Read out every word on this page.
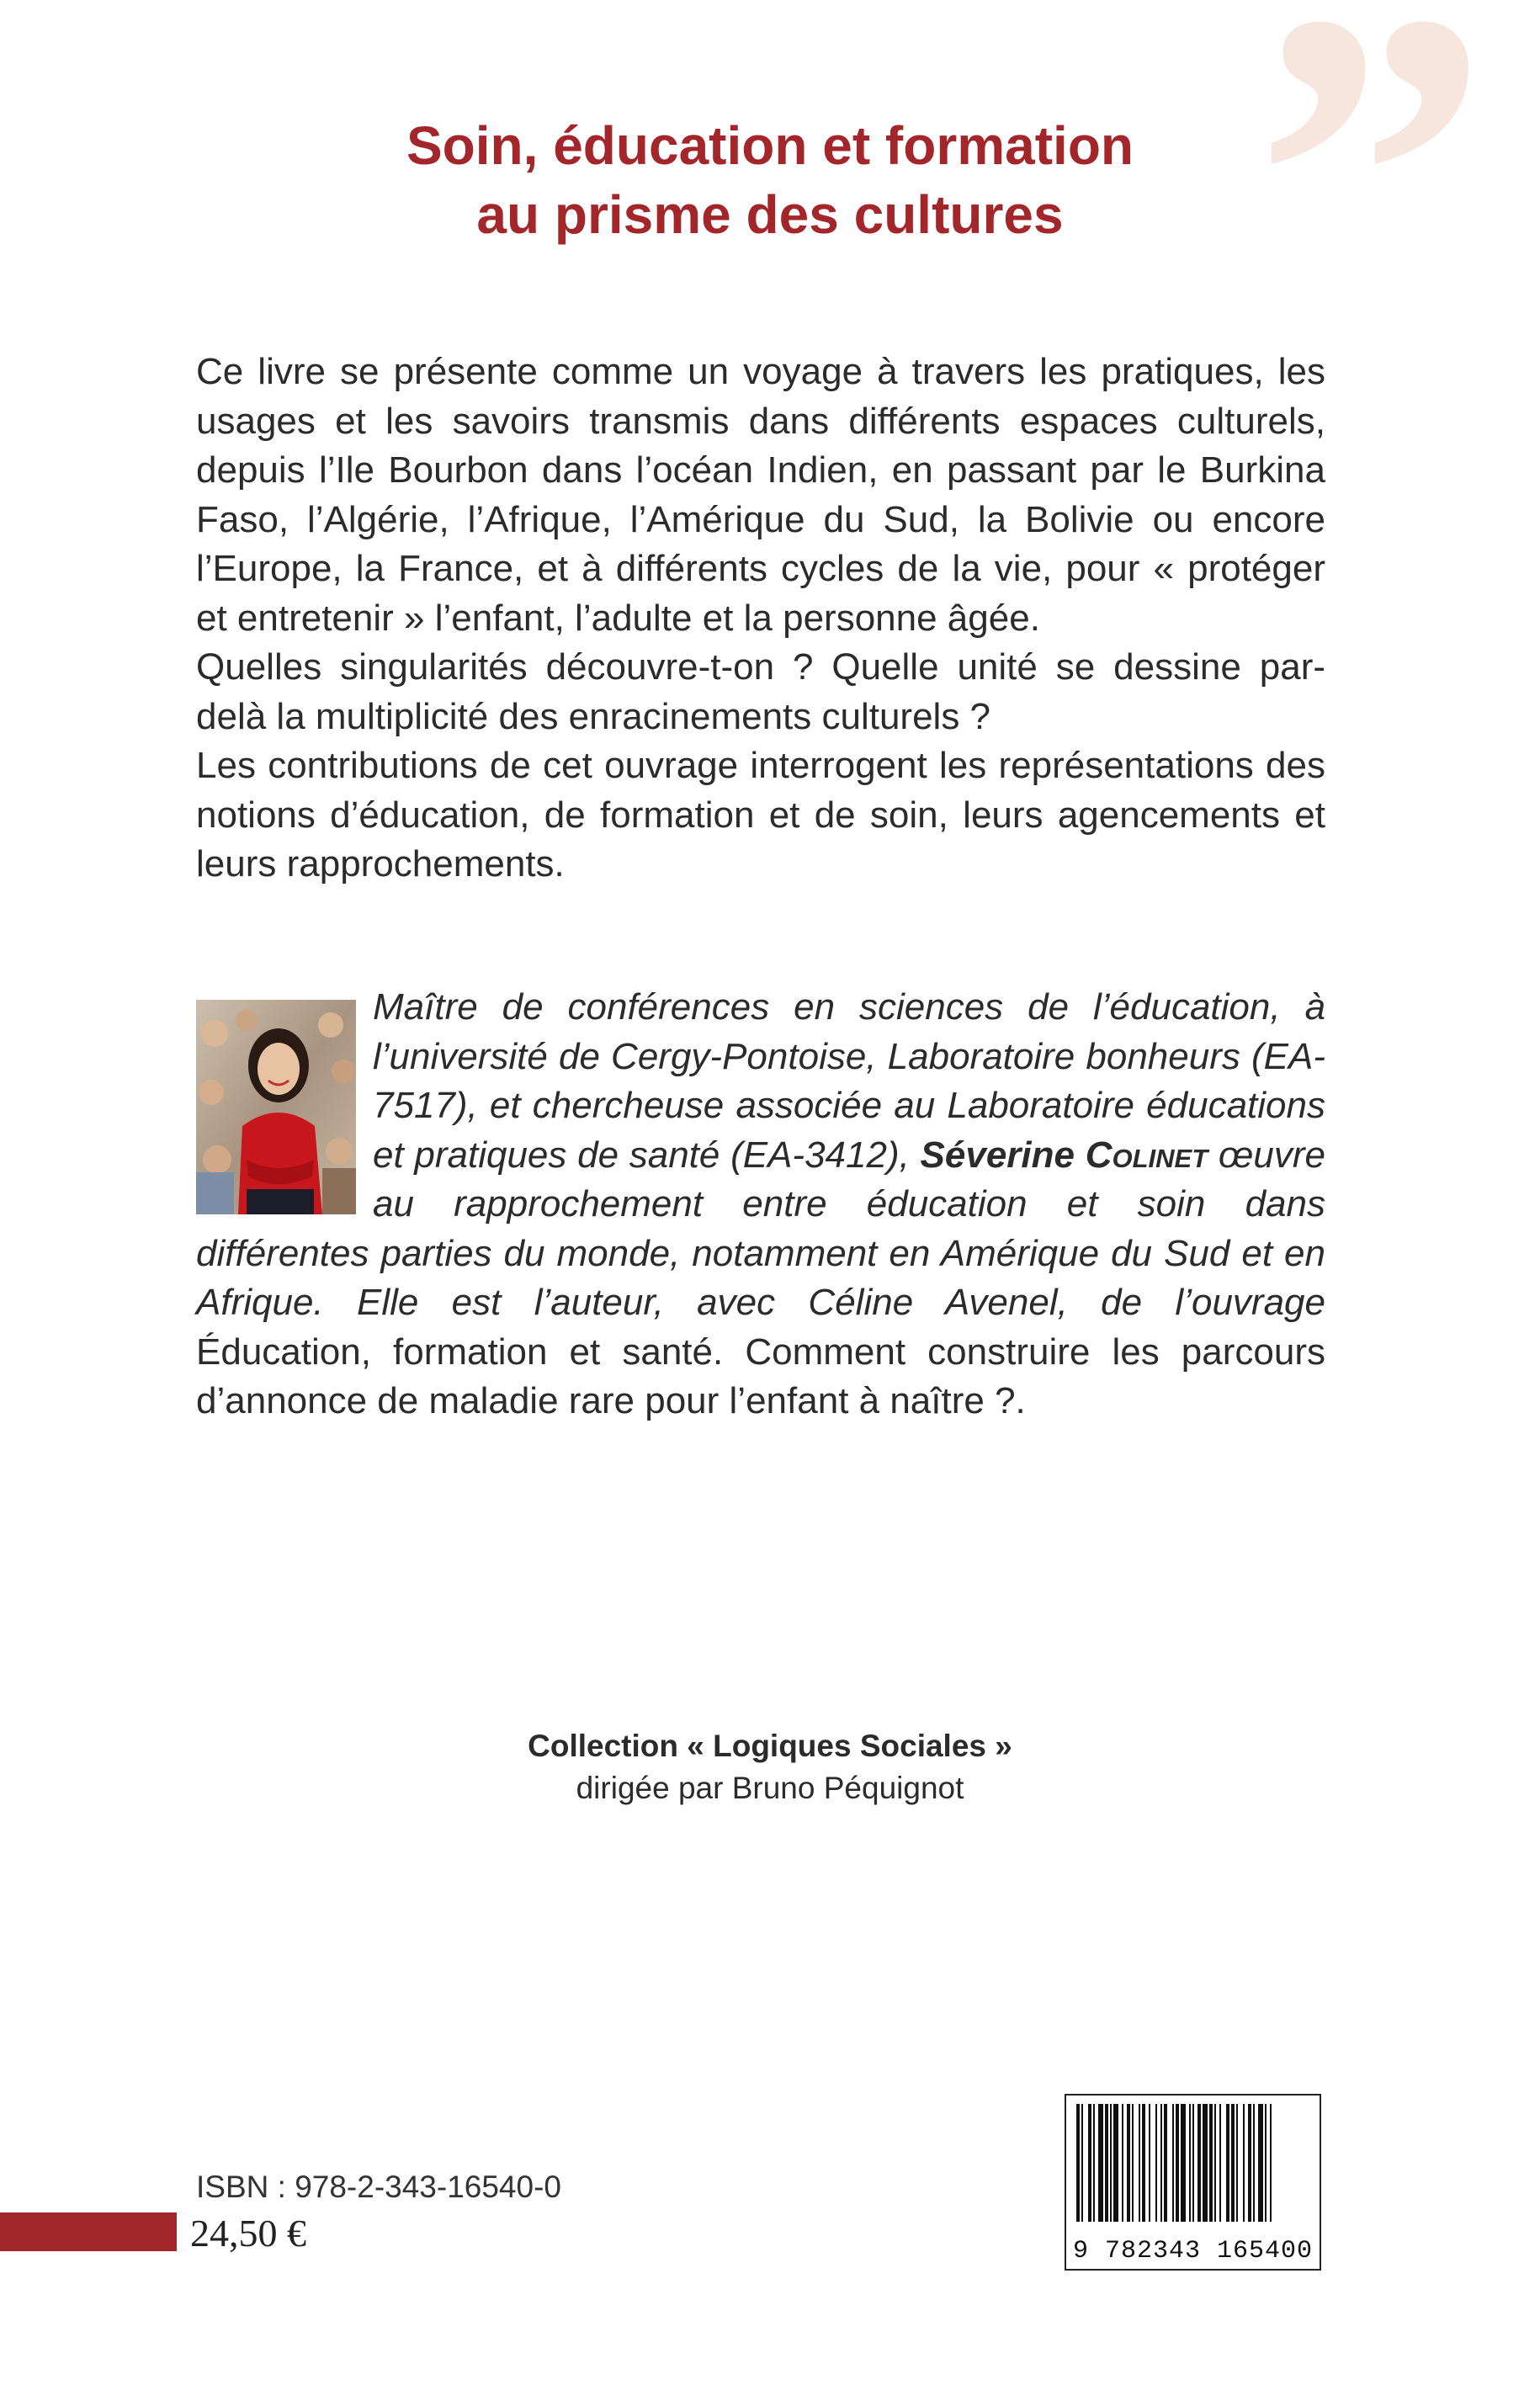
”
Soin, éducation et formation
au prisme des cultures

Ce livre se présente comme un voyage à travers les pratiques, les usages et les savoirs transmis dans différents espaces culturels, depuis l’Ile Bourbon dans l’océan Indien, en passant par le Burkina Faso, l’Algérie, l’Afrique, l’Amérique du Sud, la Bolivie ou encore l’Europe, la France, et à différents cycles de la vie, pour « protéger et entretenir » l’enfant, l’adulte et la personne âgée.

Quelles singularités découvre-t-on ? Quelle unité se dessine par-delà la multiplicité des enracinements culturels ?

Les contributions de cet ouvrage interrogent les représentations des notions d’éducation, de formation et de soin, leurs agencements et leurs rapprochements.

Maître de conférences en sciences de l’éducation, à l’université de Cergy-Pontoise, Laboratoire bonheurs (EA-7517), et chercheuse associée au Laboratoire éducations et pratiques de santé (EA-3412), Séverine Colinet œuvre au rapprochement entre éducation et soin dans différentes parties du monde, notamment en Amérique du Sud et en Afrique. Elle est l’auteur, avec Céline Avenel, de l’ouvrage Éducation, formation et santé. Comment construire les parcours d’annonce de maladie rare pour l’enfant à naître ?.

Collection « Logiques Sociales »
dirigée par Bruno Péquignot
ISBN : 978-2-343-16540-0
24,50 €	9 782343 165400
